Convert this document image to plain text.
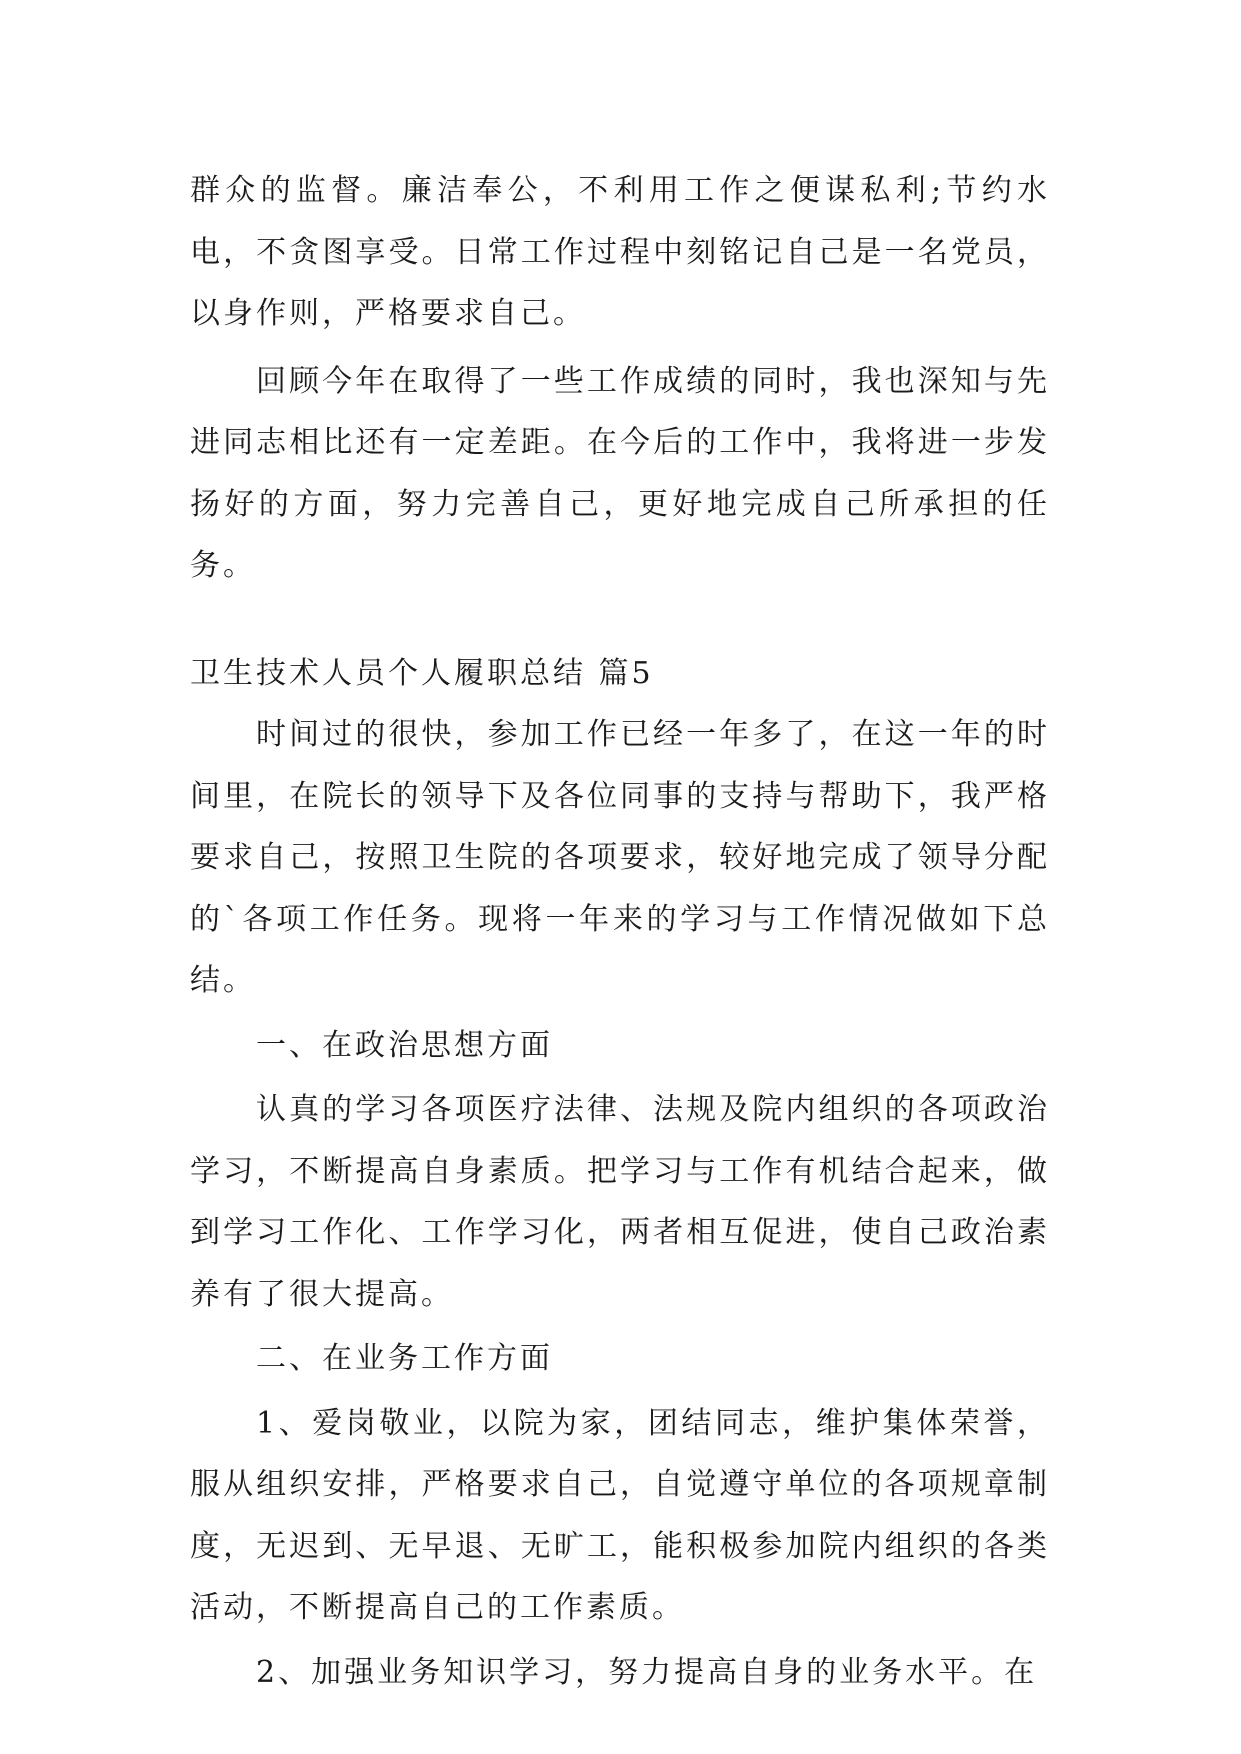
群众的监督。廉洁奉公，不利用工作之便谋私利;节约水电，不贪图享受。日常工作过程中刻铭记自己是一名党员，以身作则，严格要求自己。

回顾今年在取得了一些工作成绩的同时，我也深知与先进同志相比还有一定差距。在今后的工作中，我将进一步发扬好的方面，努力完善自己，更好地完成自己所承担的任务。

卫生技术人员个人履职总结 篇5

时间过的很快，参加工作已经一年多了，在这一年的时间里，在院长的领导下及各位同事的支持与帮助下，我严格要求自己，按照卫生院的各项要求，较好地完成了领导分配的`各项工作任务。现将一年来的学习与工作情况做如下总结。

一、在政治思想方面

认真的学习各项医疗法律、法规及院内组织的各项政治学习，不断提高自身素质。把学习与工作有机结合起来，做到学习工作化、工作学习化，两者相互促进，使自己政治素养有了很大提高。

二、在业务工作方面

1、爱岗敬业，以院为家，团结同志，维护集体荣誉，服从组织安排，严格要求自己，自觉遵守单位的各项规章制度，无迟到、无早退、无旷工，能积极参加院内组织的各类活动，不断提高自己的工作素质。

2、加强业务知识学习，努力提高自身的业务水平。在
